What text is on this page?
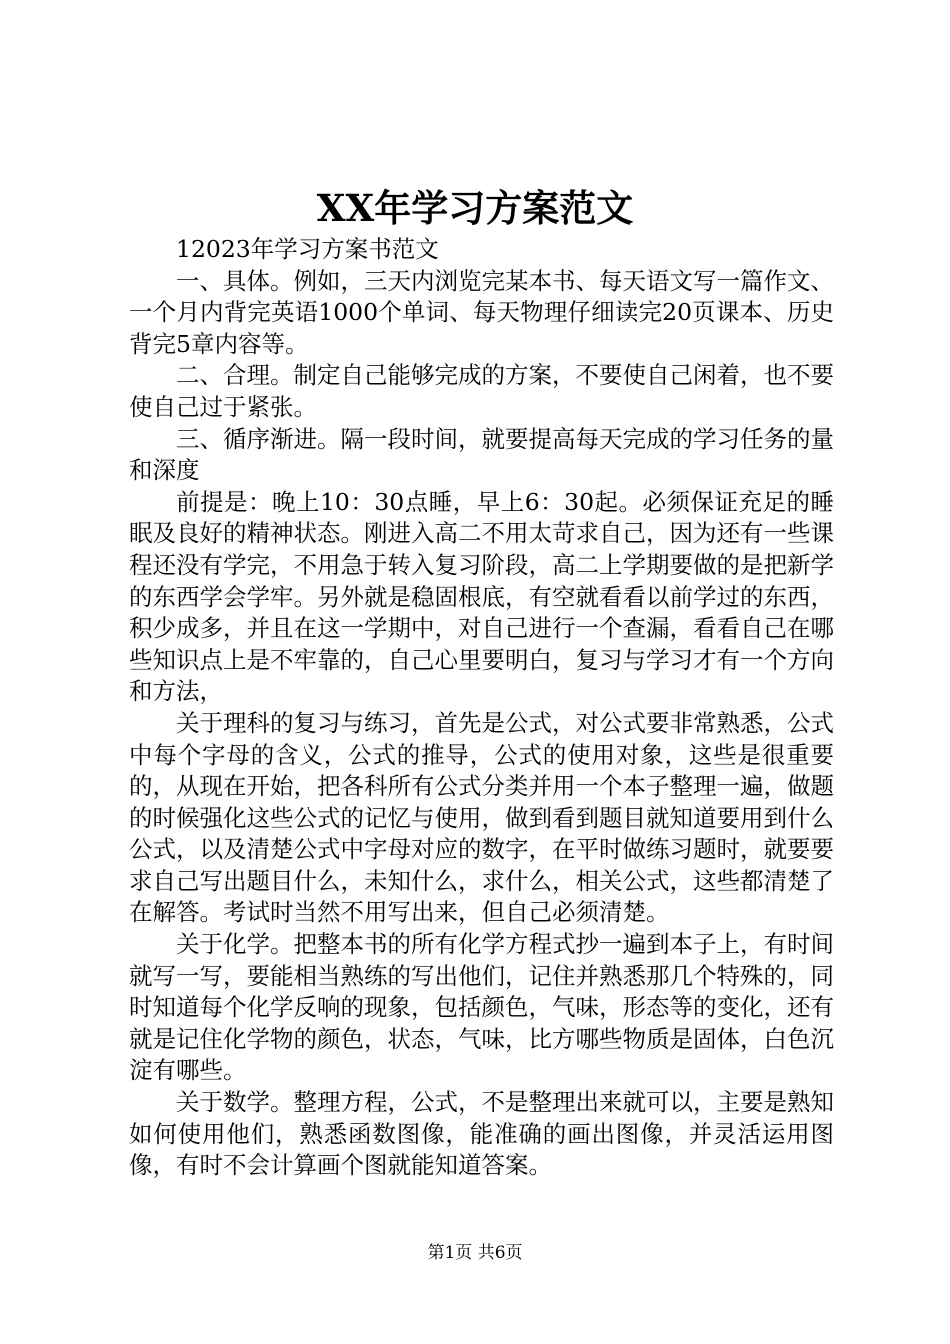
XX年学习方案范文

12023年学习方案书范文

一、具体。例如，三天内浏览完某本书、每天语文写一篇作文、一个月内背完英语1000个单词、每天物理仔细读完20页课本、历史背完5章内容等。

二、合理。制定自己能够完成的方案，不要使自己闲着，也不要使自己过于紧张。

三、循序渐进。隔一段时间，就要提高每天完成的学习任务的量和深度

前提是：晚上10：30点睡，早上6：30起。必须保证充足的睡眠及良好的精神状态。刚进入高二不用太苛求自己，因为还有一些课程还没有学完，不用急于转入复习阶段，高二上学期要做的是把新学的东西学会学牢。另外就是稳固根底，有空就看看以前学过的东西，积少成多，并且在这一学期中，对自己进行一个查漏，看看自己在哪些知识点上是不牢靠的，自己心里要明白，复习与学习才有一个方向和方法，

关于理科的复习与练习，首先是公式，对公式要非常熟悉，公式中每个字母的含义，公式的推导，公式的使用对象，这些是很重要的，从现在开始，把各科所有公式分类并用一个本子整理一遍，做题的时候强化这些公式的记忆与使用，做到看到题目就知道要用到什么公式，以及清楚公式中字母对应的数字，在平时做练习题时，就要要求自己写出题目什么，未知什么，求什么，相关公式，这些都清楚了在解答。考试时当然不用写出来，但自己必须清楚。

关于化学。把整本书的所有化学方程式抄一遍到本子上，有时间就写一写，要能相当熟练的写出他们，记住并熟悉那几个特殊的，同时知道每个化学反响的现象，包括颜色，气味，形态等的变化，还有就是记住化学物的颜色，状态，气味，比方哪些物质是固体，白色沉淀有哪些。

关于数学。整理方程，公式，不是整理出来就可以，主要是熟知如何使用他们，熟悉函数图像，能准确的画出图像，并灵活运用图像，有时不会计算画个图就能知道答案。

第1页 共6页
